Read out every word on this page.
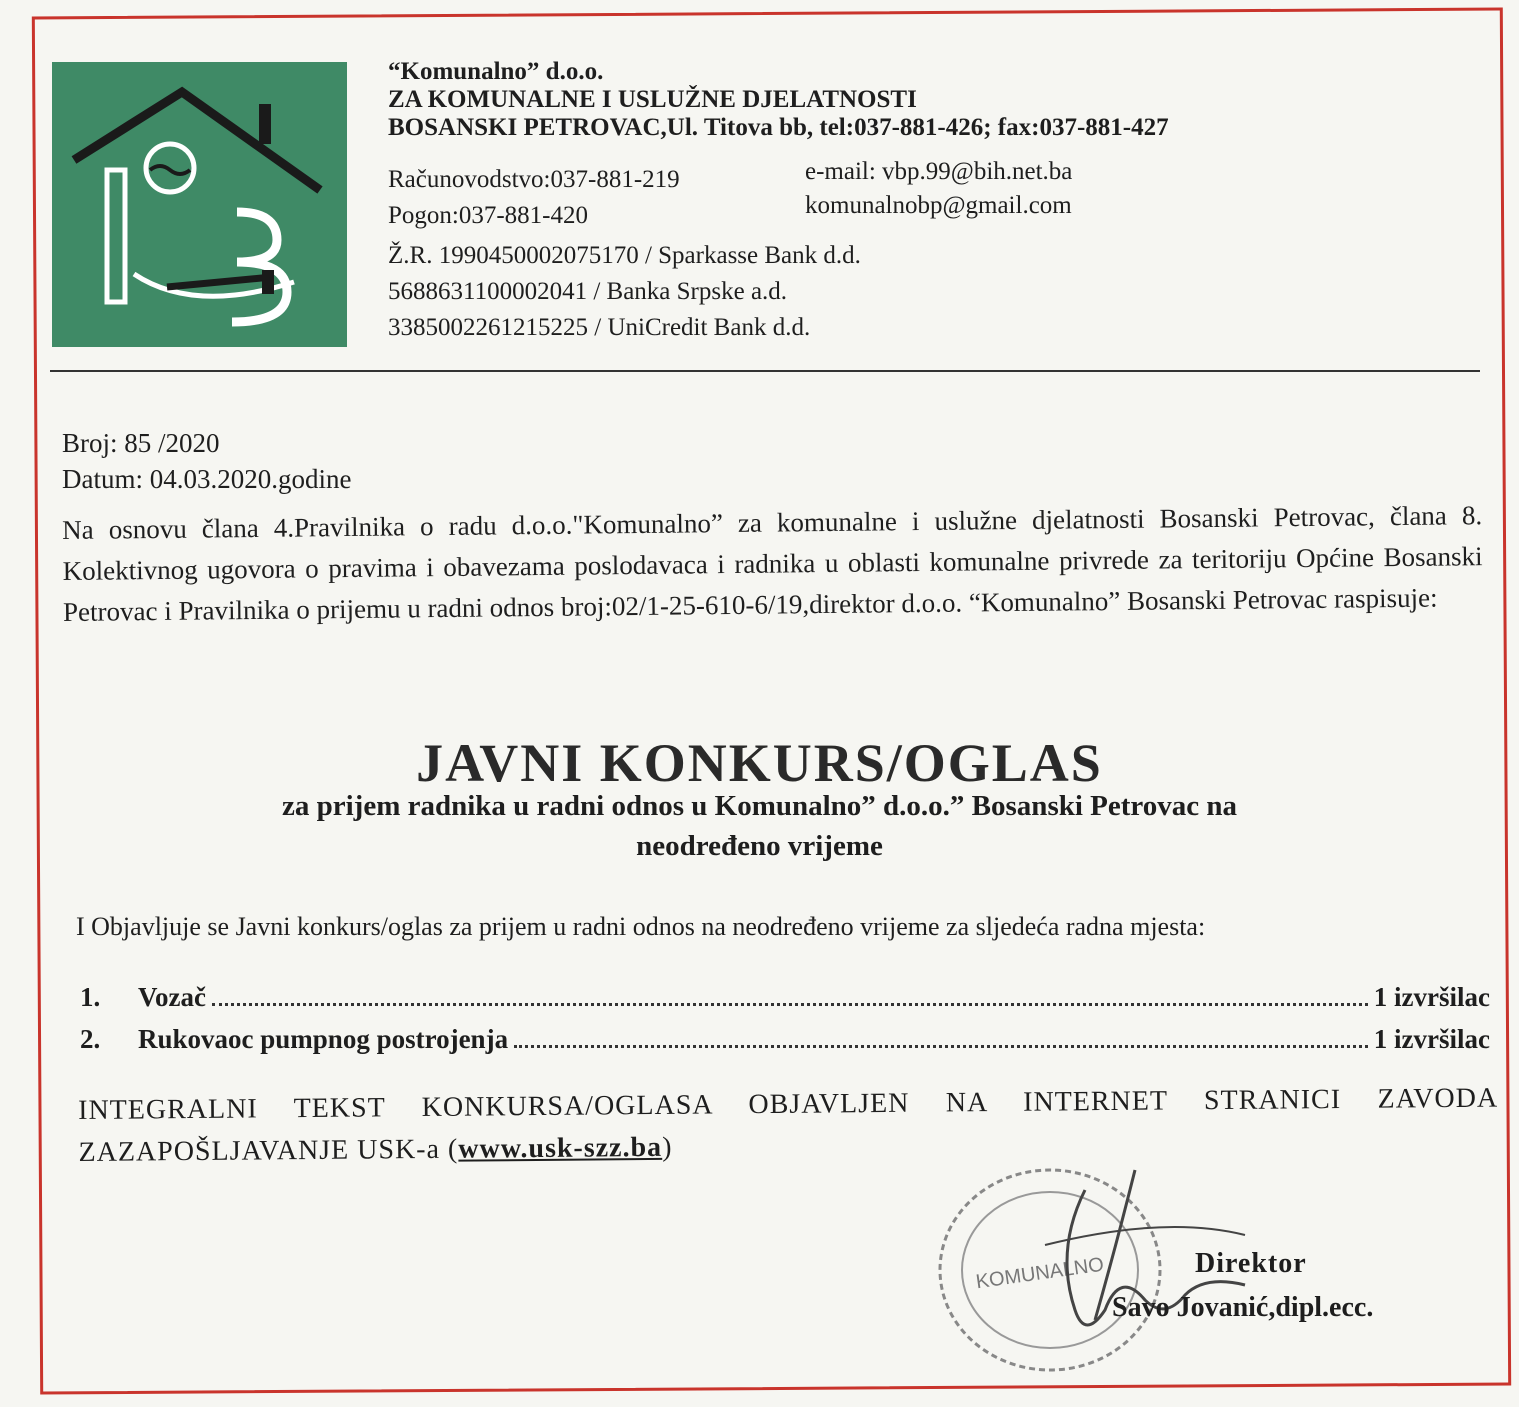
“Komunalno” d.o.o.
ZA KOMUNALNE I USLUŽNE DJELATNOSTI
BOSANSKI PETROVAC,Ul. Titova bb, tel:037-881-426; fax:037-881-427
Računovodstvo:037-881-219
Pogon:037-881-420
e-mail: vbp.99@bih.net.ba
komunalnobp@gmail.com
Ž.R. 1990450002075170 / Sparkasse Bank d.d.
5688631100002041 / Banka Srpske a.d.
3385002261215225 / UniCredit Bank d.d.
Broj: 85 /2020
Datum: 04.03.2020.godine
Na osnovu člana 4.Pravilnika o radu d.o.o."Komunalno” za komunalne i uslužne djelatnosti Bosanski Petrovac, člana 8. Kolektivnog ugovora o pravima i obavezama poslodavaca i radnika u oblasti komunalne privrede za teritoriju Općine Bosanski Petrovac i Pravilnika o prijemu u radni odnos broj:02/1-25-610-6/19,direktor d.o.o. “Komunalno” Bosanski Petrovac raspisuje:
JAVNI KONKURS/OGLAS
za prijem radnika u radni odnos u Komunalno” d.o.o.” Bosanski Petrovac na
neodređeno vrijeme
I Objavljuje se Javni konkurs/oglas za prijem u radni odnos na neodređeno vrijeme za sljedeća radna mjesta:
1.	Vozač	1 izvršilac
2.	Rukovaoc pumpnog postrojenja	1 izvršilac
INTEGRALNI TEKST KONKURSA/OGLASA OBJAVLJEN NA INTERNET STRANICI ZAVODA ZAZAPOŠLJAVANJE USK-a (www.usk-szz.ba)
KOMUNALNO	Direktor
Savo Jovanić,dipl.ecc.
